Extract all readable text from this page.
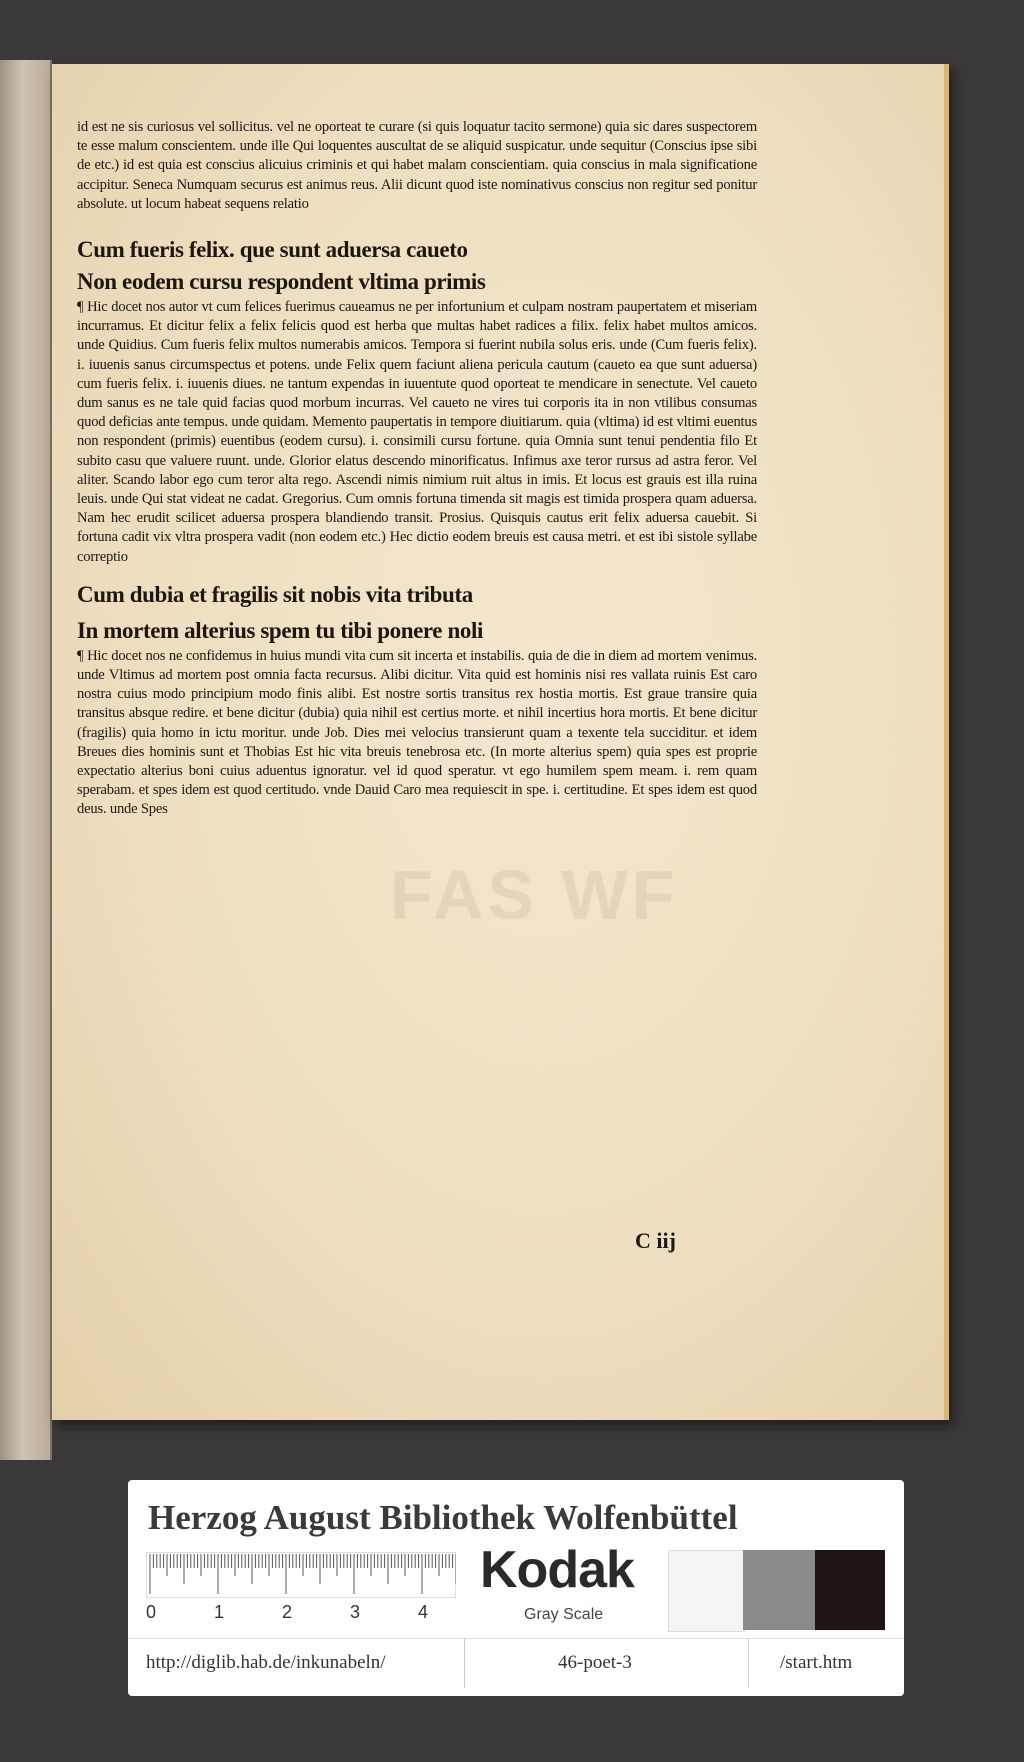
FAS WF

id est ne sis curiosus vel sollicitus. vel ne oporteat te curare (si quis loquatur tacito sermone) quia sic dares suspectorem te esse malum conscientem. unde ille Qui loquentes auscultat de se aliquid suspicatur. unde sequitur (Conscius ipse sibi de etc.) id est quia est conscius alicuius criminis et qui habet malam conscientiam. quia conscius in mala significatione accipitur. Seneca Numquam securus est animus reus. Alii dicunt quod iste nominativus conscius non regitur sed ponitur absolute. ut locum habeat sequens relatio

Cum fueris felix. que sunt aduersa caueto

Non eodem cursu respondent vltima primis

¶ Hic docet nos autor vt cum felices fuerimus caueamus ne per infortunium et culpam nostram paupertatem et miseriam incurramus. Et dicitur felix a felix felicis quod est herba que multas habet radices a filix. felix habet multos amicos. unde Quidius. Cum fueris felix multos numerabis amicos. Tempora si fuerint nubila solus eris. unde (Cum fueris felix). i. iuuenis sanus circumspectus et potens. unde Felix quem faciunt aliena pericula cautum (caueto ea que sunt aduersa) cum fueris felix. i. iuuenis diues. ne tantum expendas in iuuentute quod oporteat te mendicare in senectute. Vel caueto dum sanus es ne tale quid facias quod morbum incurras. Vel caueto ne vires tui corporis ita in non vtilibus consumas quod deficias ante tempus. unde quidam. Memento paupertatis in tempore diuitiarum. quia (vltima) id est vltimi euentus non respondent (primis) euentibus (eodem cursu). i. consimili cursu fortune. quia Omnia sunt tenui pendentia filo Et subito casu que valuere ruunt. unde. Glorior elatus descendo minorificatus. Infimus axe teror rursus ad astra feror. Vel aliter. Scando labor ego cum teror alta rego. Ascendi nimis nimium ruit altus in imis. Et locus est grauis est illa ruina leuis. unde Qui stat videat ne cadat. Gregorius. Cum omnis fortuna timenda sit magis est timida prospera quam aduersa. Nam hec erudit scilicet aduersa prospera blandiendo transit. Prosius. Quisquis cautus erit felix aduersa cauebit. Si fortuna cadit vix vltra prospera vadit (non eodem etc.) Hec dictio eodem breuis est causa metri. et est ibi sistole syllabe correptio

Cum dubia et fragilis sit nobis vita tributa

In mortem alterius spem tu tibi ponere noli

¶ Hic docet nos ne confidemus in huius mundi vita cum sit incerta et instabilis. quia de die in diem ad mortem venimus. unde Vltimus ad mortem post omnia facta recursus. Alibi dicitur. Vita quid est hominis nisi res vallata ruinis Est caro nostra cuius modo principium modo finis alibi. Est nostre sortis transitus rex hostia mortis. Est graue transire quia transitus absque redire. et bene dicitur (dubia) quia nihil est certius morte. et nihil incertius hora mortis. Et bene dicitur (fragilis) quia homo in ictu moritur. unde Job. Dies mei velocius transierunt quam a texente tela succiditur. et idem Breues dies hominis sunt et Thobias Est hic vita breuis tenebrosa etc. (In morte alterius spem) quia spes est proprie expectatio alterius boni cuius aduentus ignoratur. vel id quod speratur. vt ego humilem spem meam. i. rem quam sperabam. et spes idem est quod certitudo. vnde Dauid Caro mea requiescit in spe. i. certitudine. Et spes idem est quod deus. unde Spes

C iij
Herzog August Bibliothek Wolfenbüttel
0	1	2	3	4
Kodak
Gray Scale
http://diglib.hab.de/inkunabeln/	46-poet-3	/start.htm
